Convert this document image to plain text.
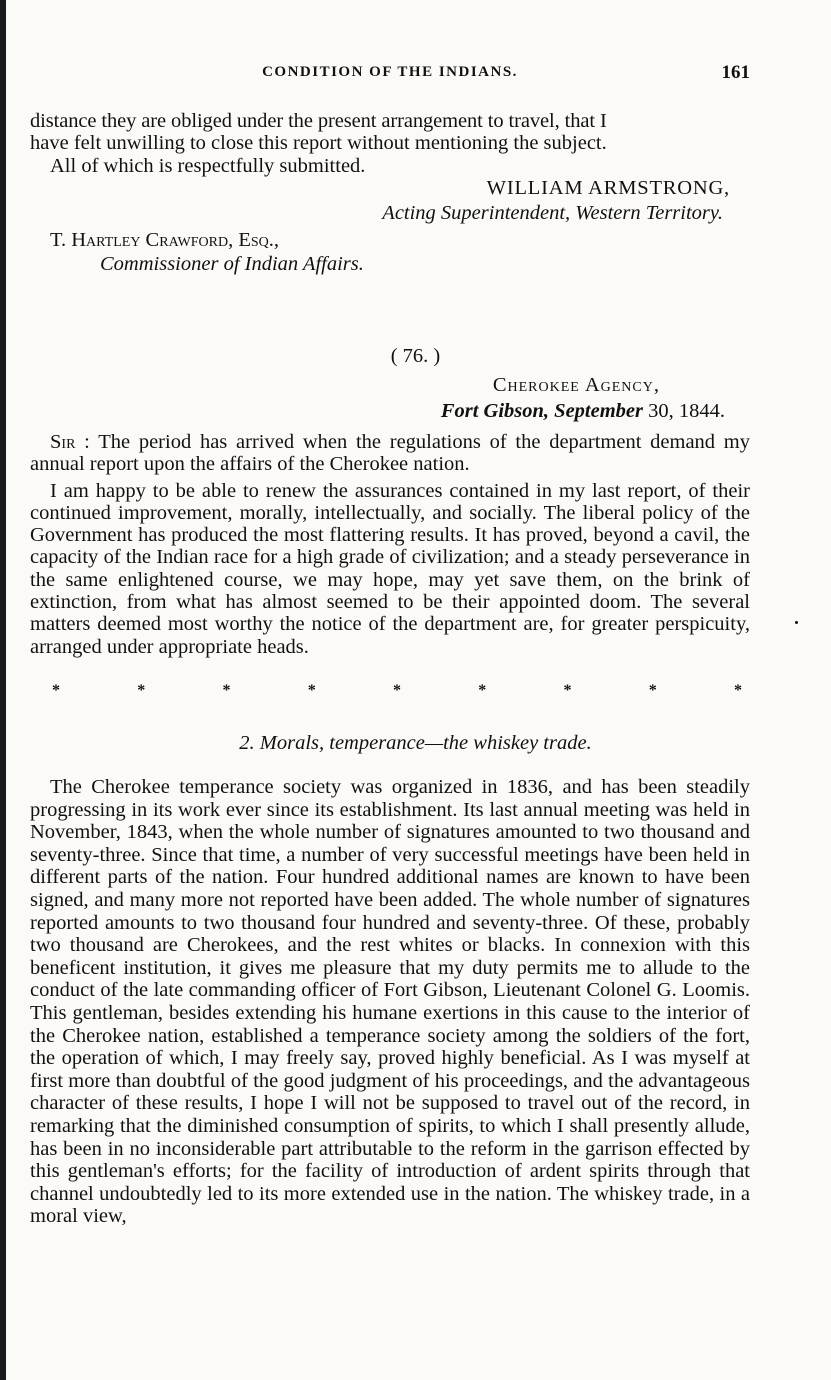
CONDITION OF THE INDIANS.	161
distance they are obliged under the present arrangement to travel, that I
have felt unwilling to close this report without mentioning the subject.
All of which is respectfully submitted.
WILLIAM ARMSTRONG,
Acting Superintendent, Western Territory.
T. Hartley Crawford, Esq.,
Commissioner of Indian Affairs.
( 76. )
Cherokee Agency,
Fort Gibson, September 30, 1844.

Sir : The period has arrived when the regulations of the department demand my annual report upon the affairs of the Cherokee nation.

I am happy to be able to renew the assurances contained in my last report, of their continued improvement, morally, intellectually, and socially. The liberal policy of the Government has produced the most flattering results. It has proved, beyond a cavil, the capacity of the Indian race for a high grade of civilization; and a steady perseverance in the same enlightened course, we may hope, may yet save them, on the brink of extinction, from what has almost seemed to be their appointed doom. The several matters deemed most worthy the notice of the department are, for greater perspicuity, arranged under appropriate heads.

*	*	*	*	*	*	*	*	*
2. Morals, temperance—the whiskey trade.

The Cherokee temperance society was organized in 1836, and has been steadily progressing in its work ever since its establishment. Its last annual meeting was held in November, 1843, when the whole number of signatures amounted to two thousand and seventy-three. Since that time, a number of very successful meetings have been held in different parts of the nation. Four hundred additional names are known to have been signed, and many more not reported have been added. The whole number of signatures reported amounts to two thousand four hundred and seventy-three. Of these, probably two thousand are Cherokees, and the rest whites or blacks. In connexion with this beneficent institution, it gives me pleasure that my duty permits me to allude to the conduct of the late commanding officer of Fort Gibson, Lieutenant Colonel G. Loomis. This gentleman, besides extending his humane exertions in this cause to the interior of the Cherokee nation, established a temperance society among the soldiers of the fort, the operation of which, I may freely say, proved highly beneficial. As I was myself at first more than doubtful of the good judgment of his proceedings, and the advantageous character of these results, I hope I will not be supposed to travel out of the record, in remarking that the diminished consumption of spirits, to which I shall presently allude, has been in no inconsiderable part attributable to the reform in the garrison effected by this gentleman's efforts; for the facility of introduction of ardent spirits through that channel undoubtedly led to its more extended use in the nation. The whiskey trade, in a moral view,
